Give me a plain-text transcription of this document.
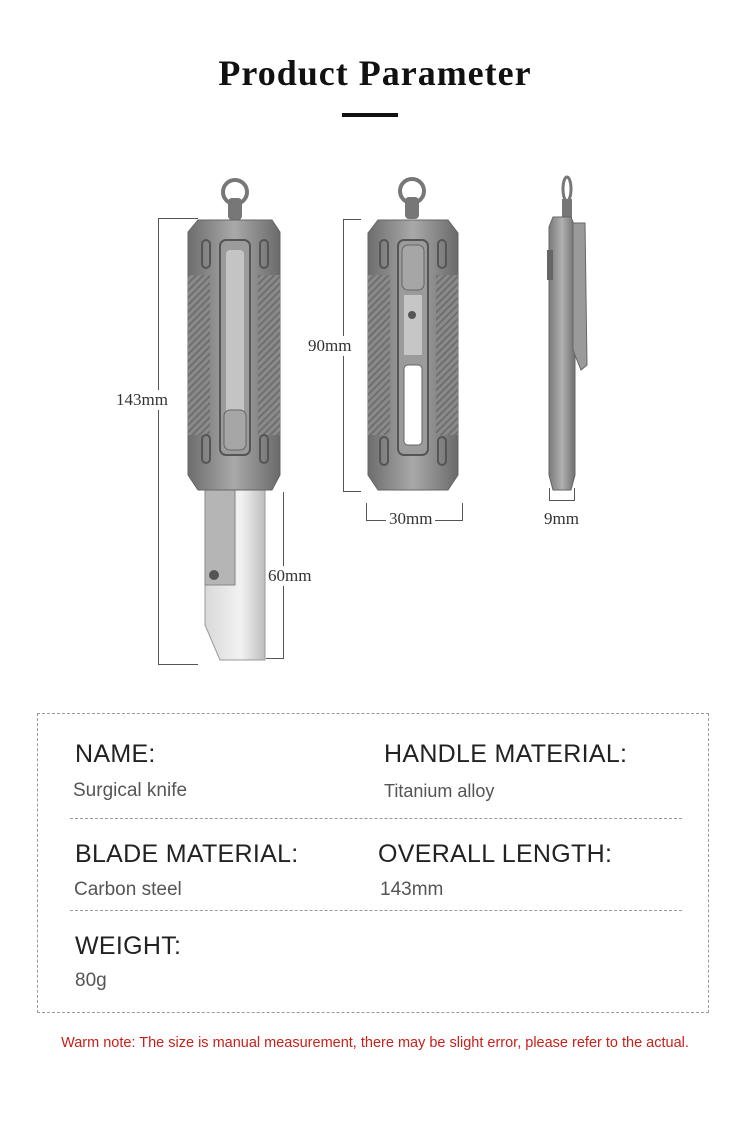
Product Parameter
143mm
60mm
90mm
30mm	9mm
NAME:
Surgical knife
HANDLE MATERIAL:
Titanium alloy
BLADE MATERIAL:
Carbon steel
OVERALL LENGTH:
143mm
WEIGHT:
80g
Warm note: The size is manual measurement, there may be slight error, please refer to the actual.
